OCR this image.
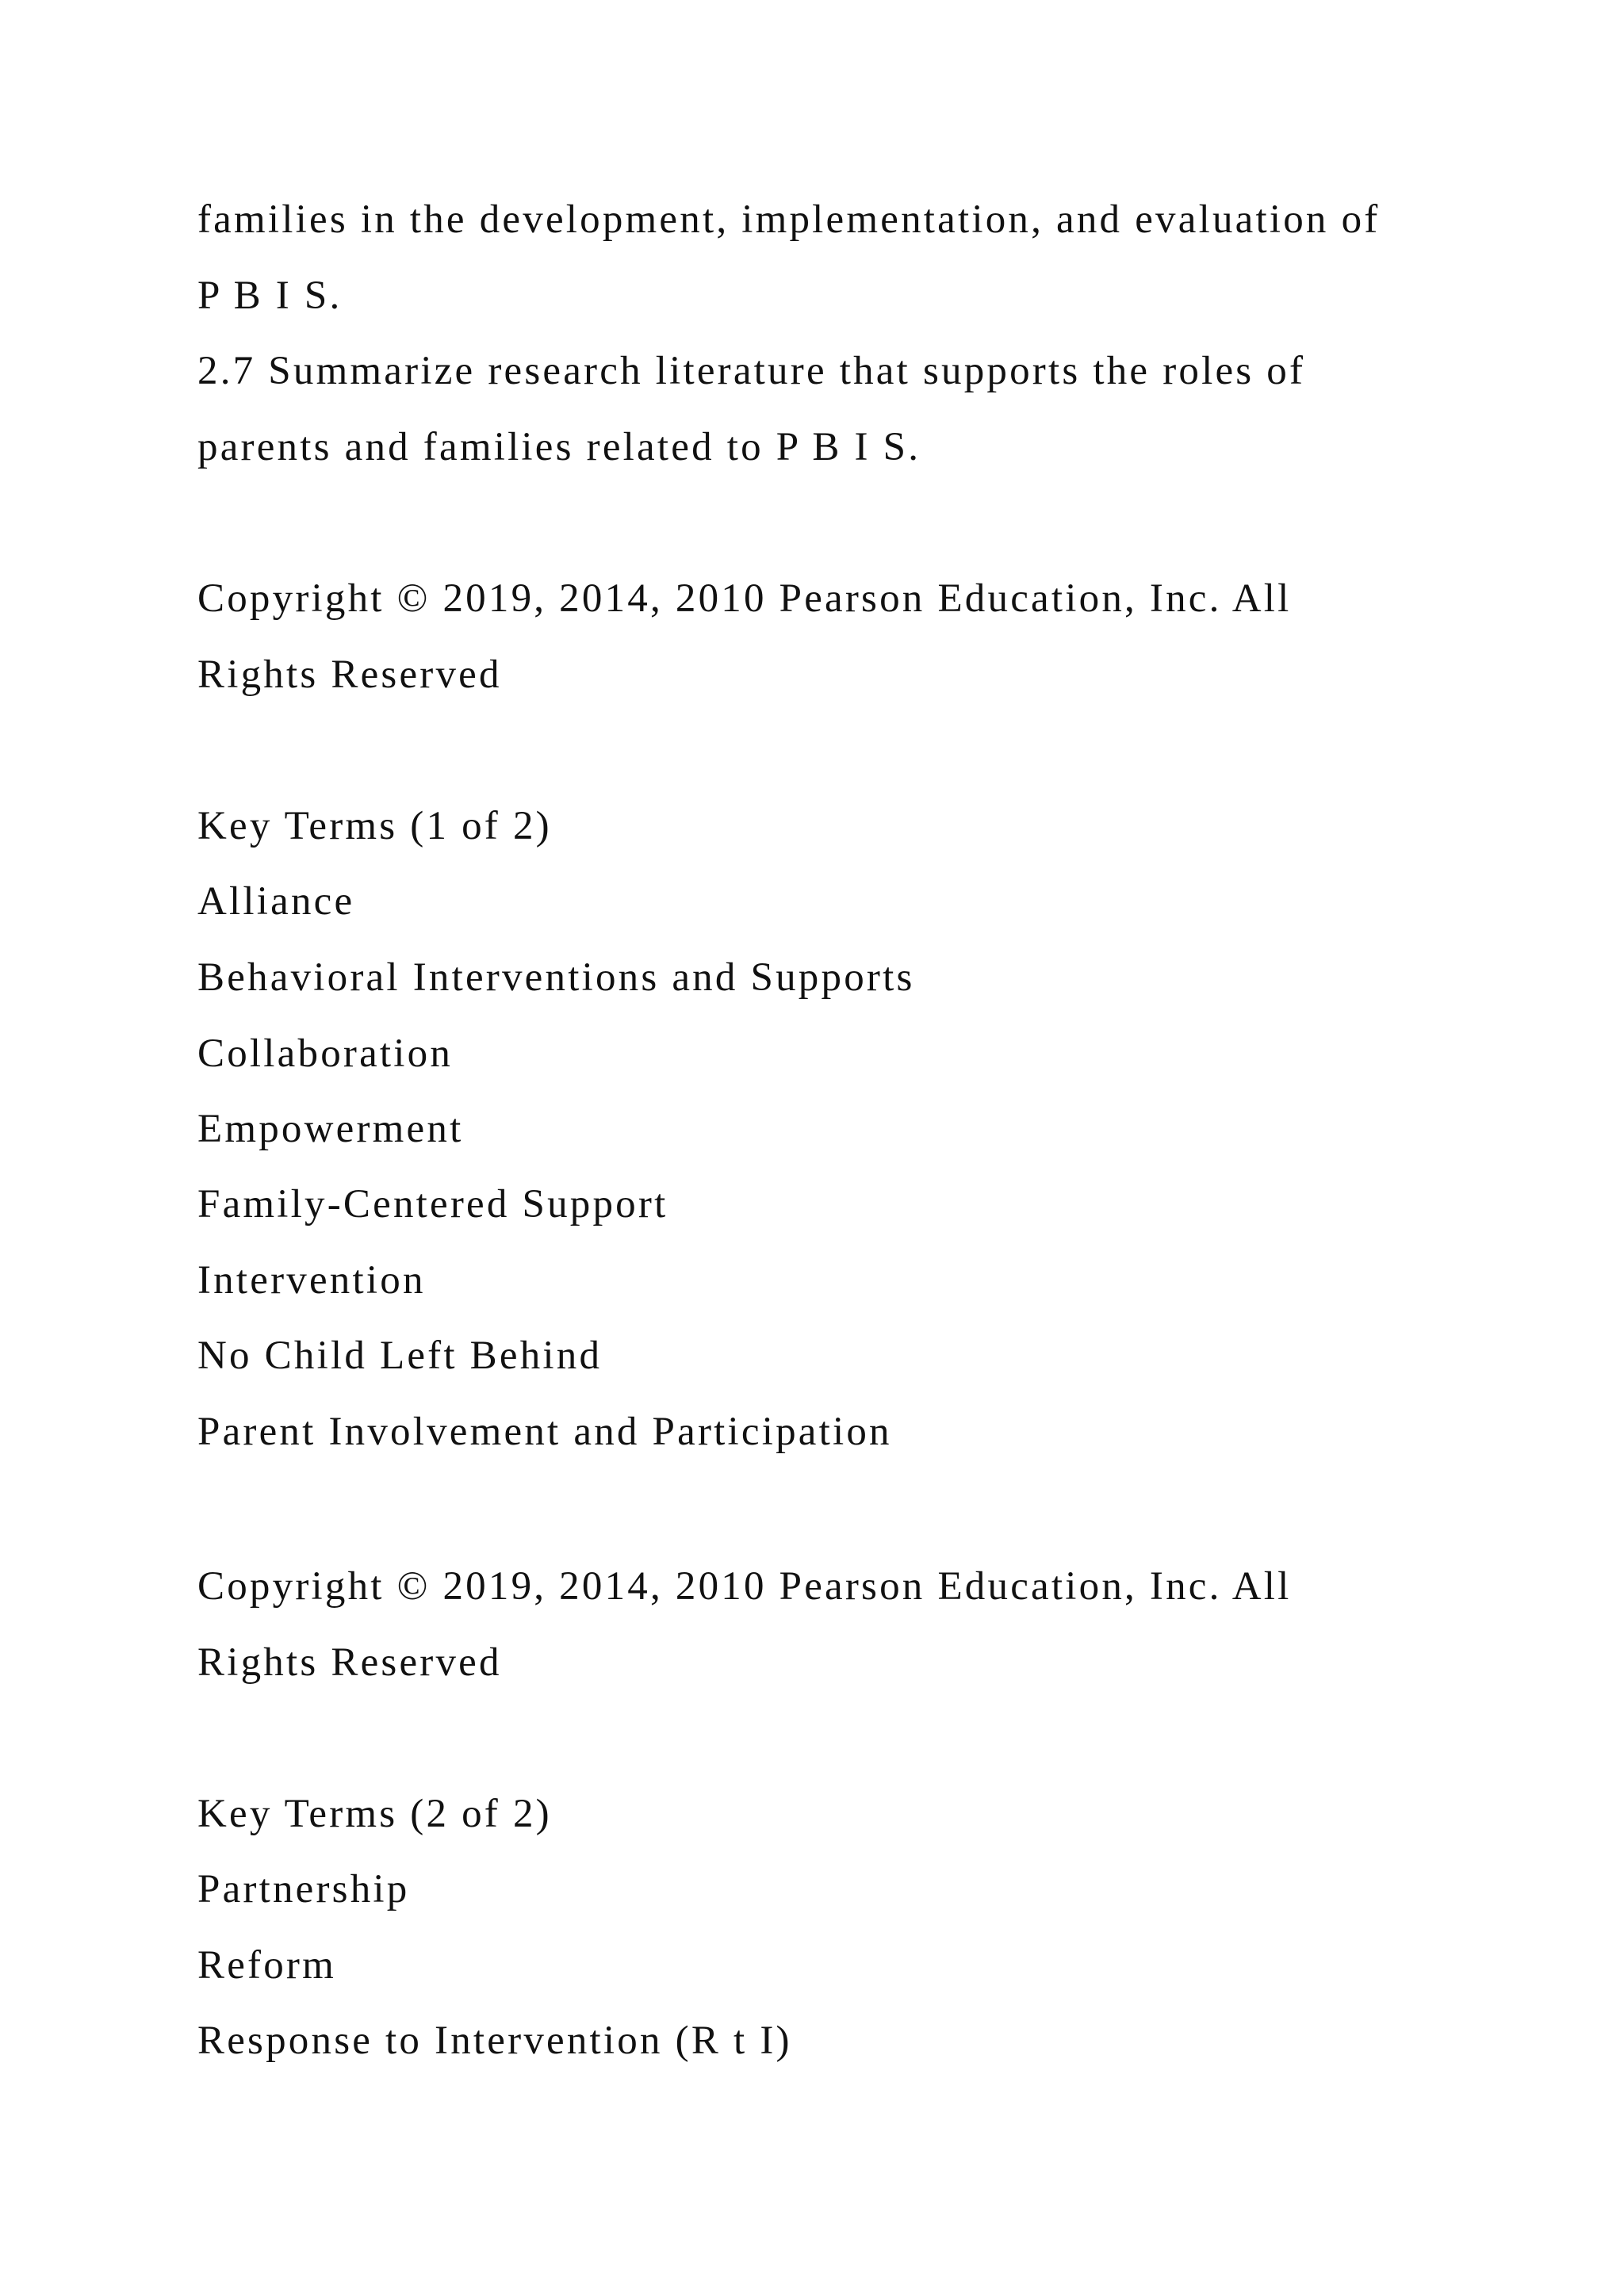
families in the development, implementation, and evaluation of

P B I S.

2.7 Summarize research literature that supports the roles of

parents and families related to P B I S.

Copyright © 2019, 2014, 2010 Pearson Education, Inc. All

Rights Reserved

Key Terms (1 of 2)

Alliance

Behavioral Interventions and Supports

Collaboration

Empowerment

Family-Centered Support

Intervention

No Child Left Behind

Parent Involvement and Participation

Copyright © 2019, 2014, 2010 Pearson Education, Inc. All

Rights Reserved

Key Terms (2 of 2)

Partnership

Reform

Response to Intervention (R t I)
